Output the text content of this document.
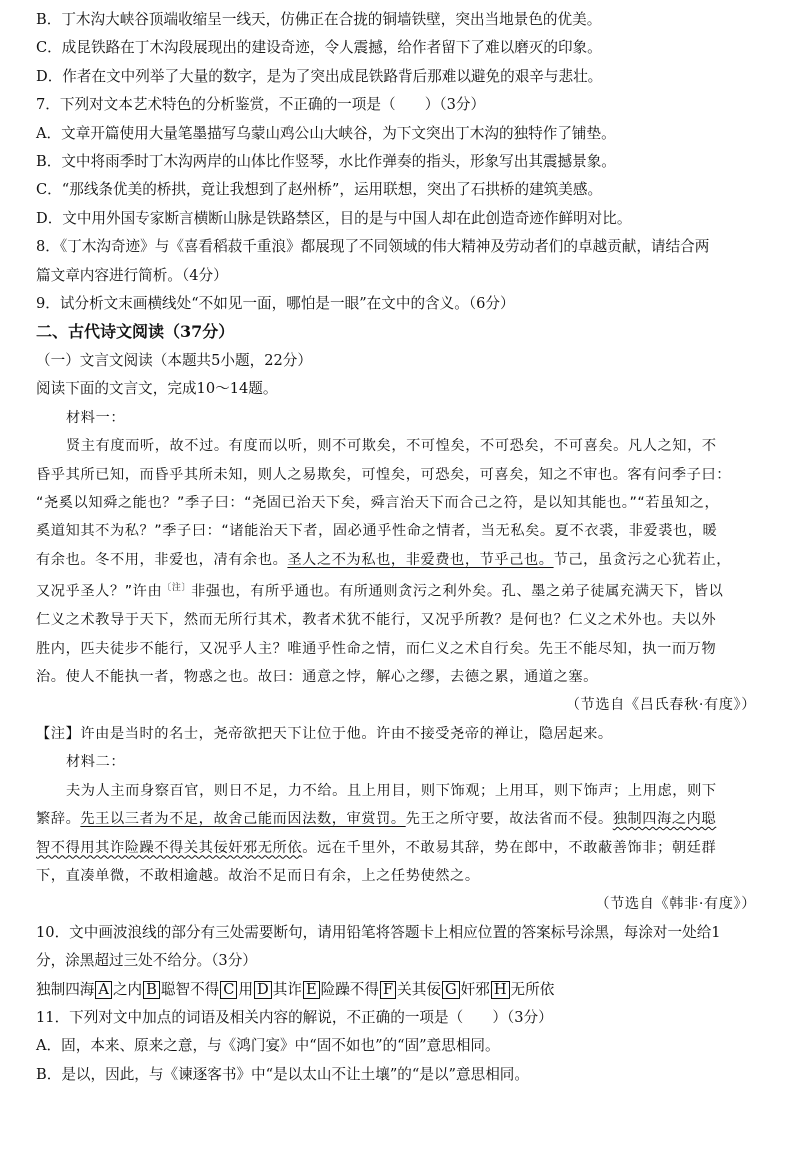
B．丁木沟大峡谷顶端收缩呈一线天，仿佛正在合拢的铜墙铁壁，突出当地景色的优美。
C．成昆铁路在丁木沟段展现出的建设奇迹，令人震撼，给作者留下了难以磨灭的印象。
D．作者在文中列举了大量的数字，是为了突出成昆铁路背后那难以避免的艰辛与悲壮。
7．下列对文本艺术特色的分析鉴赏，不正确的一项是（　　）（3分）
A．文章开篇使用大量笔墨描写乌蒙山鸡公山大峡谷，为下文突出丁木沟的独特作了铺垫。
B．文中将雨季时丁木沟两岸的山体比作竖琴，水比作弹奏的指头，形象写出其震撼景象。
C．“那线条优美的桥拱，竟让我想到了赵州桥”，运用联想，突出了石拱桥的建筑美感。
D．文中用外国专家断言横断山脉是铁路禁区，目的是与中国人却在此创造奇迹作鲜明对比。
8．《丁木沟奇迹》与《喜看稻菽千重浪》都展现了不同领域的伟大精神及劳动者们的卓越贡献，请结合两
篇文章内容进行简析。（4分）
9．试分析文末画横线处“不如见一面，哪怕是一眼”在文中的含义。（6分）
二、古代诗文阅读（37分）
（一）文言文阅读（本题共5小题，22分）
阅读下面的文言文，完成10～14题。
材料一：
贤主有度而听，故不过。有度而以听，则不可欺矣，不可惶矣，不可恐矣，不可喜矣。凡人之知，不
昏乎其所已知，而昏乎其所未知，则人之易欺矣，可惶矣，可恐矣，可喜矣，知之不审也。客有问季子曰：
“尧奚以知舜之能也？”季子曰：“尧固已治天下矣，舜言治天下而合己之符，是以知其能也。”“若虽知之，
奚道知其不为私？”季子曰：“诸能治天下者，固必通乎性命之情者，当无私矣。夏不衣裘，非爱裘也，暖
有余也。冬不用，非爱也，凊有余也。圣人之不为私也，非爱费也，节乎己也。节己，虽贪污之心犹若止，
又况乎圣人？”许由$^{〔注〕}$非强也，有所乎通也。有所通则贪污之利外矣。孔、墨之弟子徒属充满天下，皆以
仁义之术教导于天下，然而无所行其术，教者术犹不能行，又况乎所教？是何也？仁义之术外也。夫以外
胜内，匹夫徒步不能行，又况乎人主？唯通乎性命之情，而仁义之术自行矣。先王不能尽知，执一而万物
治。使人不能执一者，物惑之也。故曰：通意之悖，解心之缪，去德之累，通道之塞。
（节选自《吕氏春秋·有度》）
【注】许由是当时的名士，尧帝欲把天下让位于他。许由不接受尧帝的禅让，隐居起来。
材料二：
夫为人主而身察百官，则日不足，力不给。且上用目，则下饰观；上用耳，则下饰声；上用虑，则下
繁辞。先王以三者为不足，故舍己能而因法数，审赏罚。先王之所守要，故法省而不侵。独制四海之内聪
智不得用其诈险躁不得关其佞奸邪无所依。远在千里外，不敢易其辞，势在郎中，不敢蔽善饰非；朝廷群
下，直凑单微，不敢相逾越。故治不足而日有余，上之任势使然之。
（节选自《韩非·有度》）
10．文中画波浪线的部分有三处需要断句，请用铅笔将答题卡上相应位置的答案标号涂黑，每涂对一处给1
分，涂黑超过三处不给分。（3分）
独制四海 A 之内 B 聪智不得 C 用 D 其诈 E 险躁不得 F 关其佞 G 奸邪 H 无所依
11．下列对文中加点的词语及相关内容的解说，不正确的一项是（　　）（3分）
A．固，本来、原来之意，与《鸿门宴》中“固不如也”的“固”意思相同。
B．是以，因此，与《谏逐客书》中“是以太山不让土壤”的“是以”意思相同。
